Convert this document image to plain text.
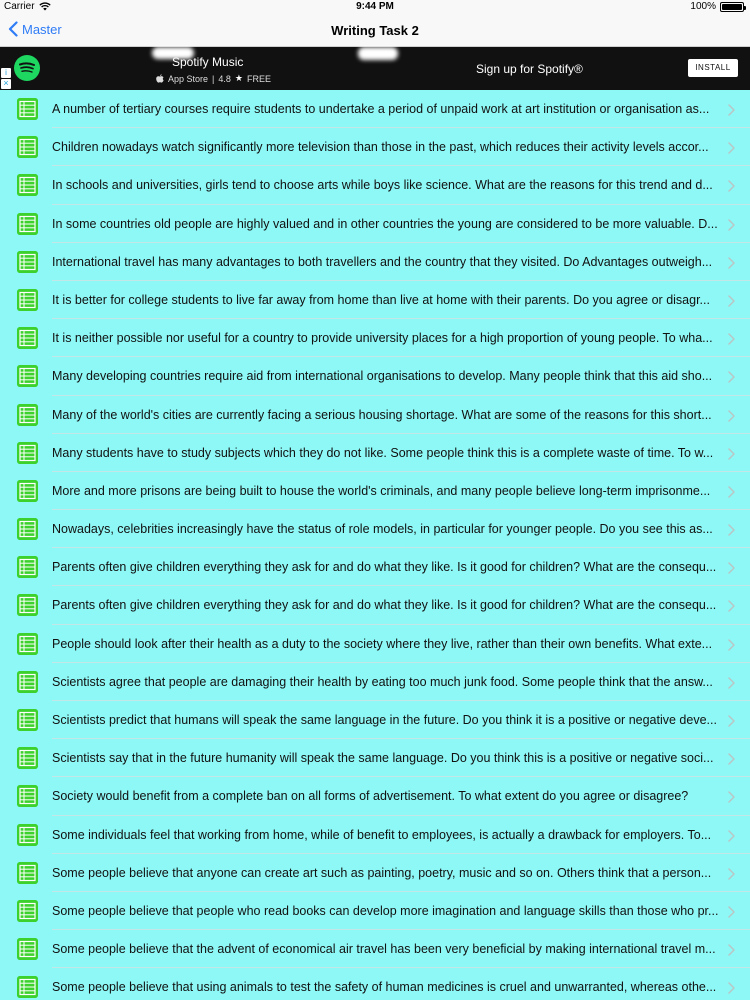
Carrier	9:44 PM	100%
Master	Writing Task 2
i
×
Spotify Music
App Store | 4.8 ★ FREE
Sign up for Spotify®	INSTALL
A number of tertiary courses require students to undertake a period of unpaid work at art institution or organisation as...
Children nowadays watch significantly more television than those in the past, which reduces their activity levels accor...
In schools and universities, girls tend to choose arts while boys like science. What are the reasons for this trend and d...
In some countries old people are highly valued and in other countries the young are considered to be more valuable. D...
International travel has many advantages to both travellers and the country that they visited. Do Advantages outweigh...
It is better for college students to live far away from home than live at home with their parents. Do you agree or disagr...
It is neither possible nor useful for a country to provide university places for a high proportion of young people. To wha...
Many developing countries require aid from international organisations to develop. Many people think that this aid sho...
Many of the world's cities are currently facing a serious housing shortage. What are some of the reasons for this short...
Many students have to study subjects which they do not like. Some people think this is a complete waste of time. To w...
More and more prisons are being built to house the world's criminals, and many people believe long-term imprisonme...
Nowadays, celebrities increasingly have the status of role models, in particular for younger people. Do you see this as...
Parents often give children everything they ask for and do what they like. Is it good for children? What are the consequ...
Parents often give children everything they ask for and do what they like. Is it good for children? What are the consequ...
People should look after their health as a duty to the society where they live, rather than their own benefits. What exte...
Scientists agree that people are damaging their health by eating too much junk food. Some people think that the answ...
Scientists predict that humans will speak the same language in the future. Do you think it is a positive or negative deve...
Scientists say that in the future humanity will speak the same language. Do you think this is a positive or negative soci...
Society would benefit from a complete ban on all forms of advertisement. To what extent do you agree or disagree?
Some individuals feel that working from home, while of benefit to employees, is actually a drawback for employers. To...
Some people believe that anyone can create art such as painting, poetry, music and so on. Others think that a person...
Some people believe that people who read books can develop more imagination and language skills than those who pr...
Some people believe that the advent of economical air travel has been very beneficial by making international travel m...
Some people believe that using animals to test the safety of human medicines is cruel and unwarranted, whereas othe...
